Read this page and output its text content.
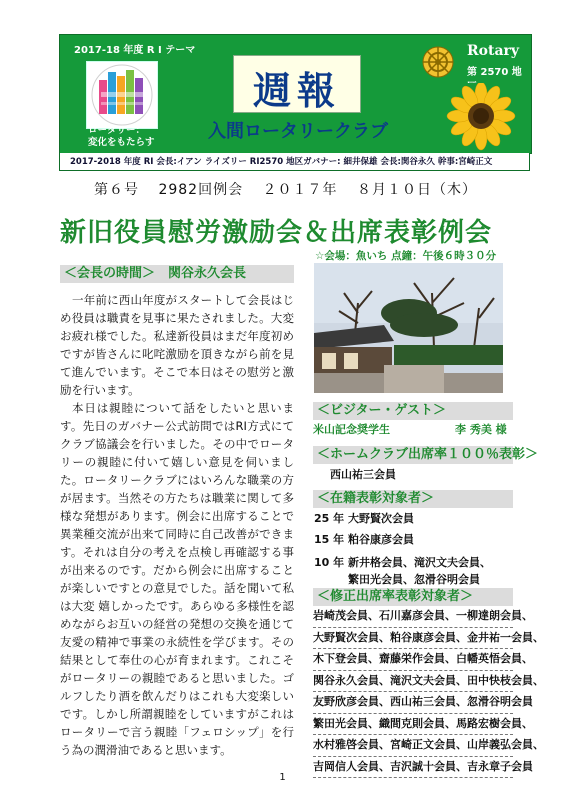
2017-18 年度 R I テーマ
ロータリー：
変化をもたらす
週報
入間ロータリークラブ
Rotary
第 2570 地
2017-2018 年度 RI 会長:イアン ライズリー RI2570 地区ガバナー: 細井保雄 会長:関谷永久 幹事:宮崎正文
第６号 2982回例会 ２０１７年 ８月１０日（木）
新旧役員慰労激励会＆出席表彰例会
☆会場：魚いち 点鐘：午後６時３０分
＜会長の時間＞　関谷永久会長

一年前に西山年度がスタートして会長はじめ役員は職責を見事に果たされました。大変お疲れ様でした。私達新役員はまだ年度初めですが皆さんに叱咤激励を頂きながら前を見て進んでいます。そこで本日はその慰労と激励を行います。

本日は親睦について話をしたいと思います。先日のガバナー公式訪問ではRI方式にてクラブ協議会を行いました。その中でロータリーの親睦に付いて嬉しい意見を伺いました。ロータリークラブにはいろんな職業の方が居ます。当然その方たちは職業に関して多様な発想があります。例会に出席することで異業種交流が出来て同時に自己改善ができます。それは自分の考えを点検し再確認する事が出来るのです。だから例会に出席することが楽しいですとの意見でした。話を聞いて私は大変 嬉しかったです。あらゆる多様性を認めながらお互いの経営の発想の交換を通じて友愛の精神で事業の永続性を学びます。その結果として奉仕の心が育まれます。これこそがロータリーの親睦であると思いました。ゴルフしたり酒を飲んだりはこれも大変楽しいです。しかし所謂親睦をしていますがこれはロータリーで言う親睦「フェロシップ」を行う為の潤滑油であると思います。

＜ビジター・ゲスト＞
米山記念奨学生	李 秀美 様
＜ホームクラブ出席率１００％表彰＞
西山祐三会員
＜在籍表彰対象者＞
25 年 大野賢次会員
15 年 粕谷康彦会員
10 年 新井格会員、滝沢文夫会員、
繁田光会員、忽滑谷明会員
＜修正出席率表彰対象者＞
岩崎茂会員、石川嘉彦会員、一柳達朗会員、
大野賢次会員、粕谷康彦会員、金井祐一会員、
木下登会員、齋藤栄作会員、白幡英悟会員、
関谷永久会員、滝沢文夫会員、田中快枝会員、
友野欣彦会員、西山祐三会員、忽滑谷明会員
繁田光会員、織間克則会員、馬路宏樹会員、
水村雅啓会員、宮崎正文会員、山岸義弘会員、
吉岡信人会員、吉沢誠十会員、吉永章子会員
1
